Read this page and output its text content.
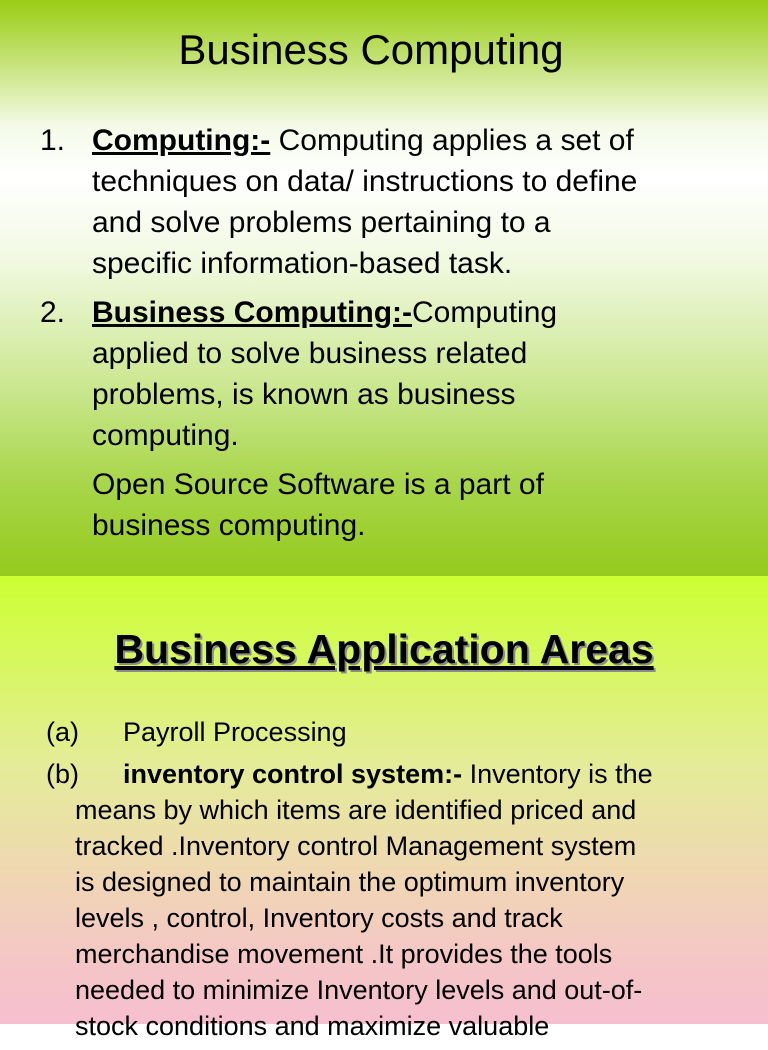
Business Computing
1. Computing:- Computing applies a set of
techniques on data/ instructions to define
and solve problems pertaining to a
specific information-based task.
2. Business Computing:-Computing
applied to solve business related
problems, is known as business
computing.
Open Source Software is a part of
business computing.
Business Application Areas
(a) Payroll Processing
(b) inventory control system:- Inventory is the
means by which items are identified priced and
tracked .Inventory control Management system
is designed to maintain the optimum inventory
levels , control, Inventory costs and track
merchandise movement .It provides the tools
needed to minimize Inventory levels and out-of-
stock conditions and maximize valuable
